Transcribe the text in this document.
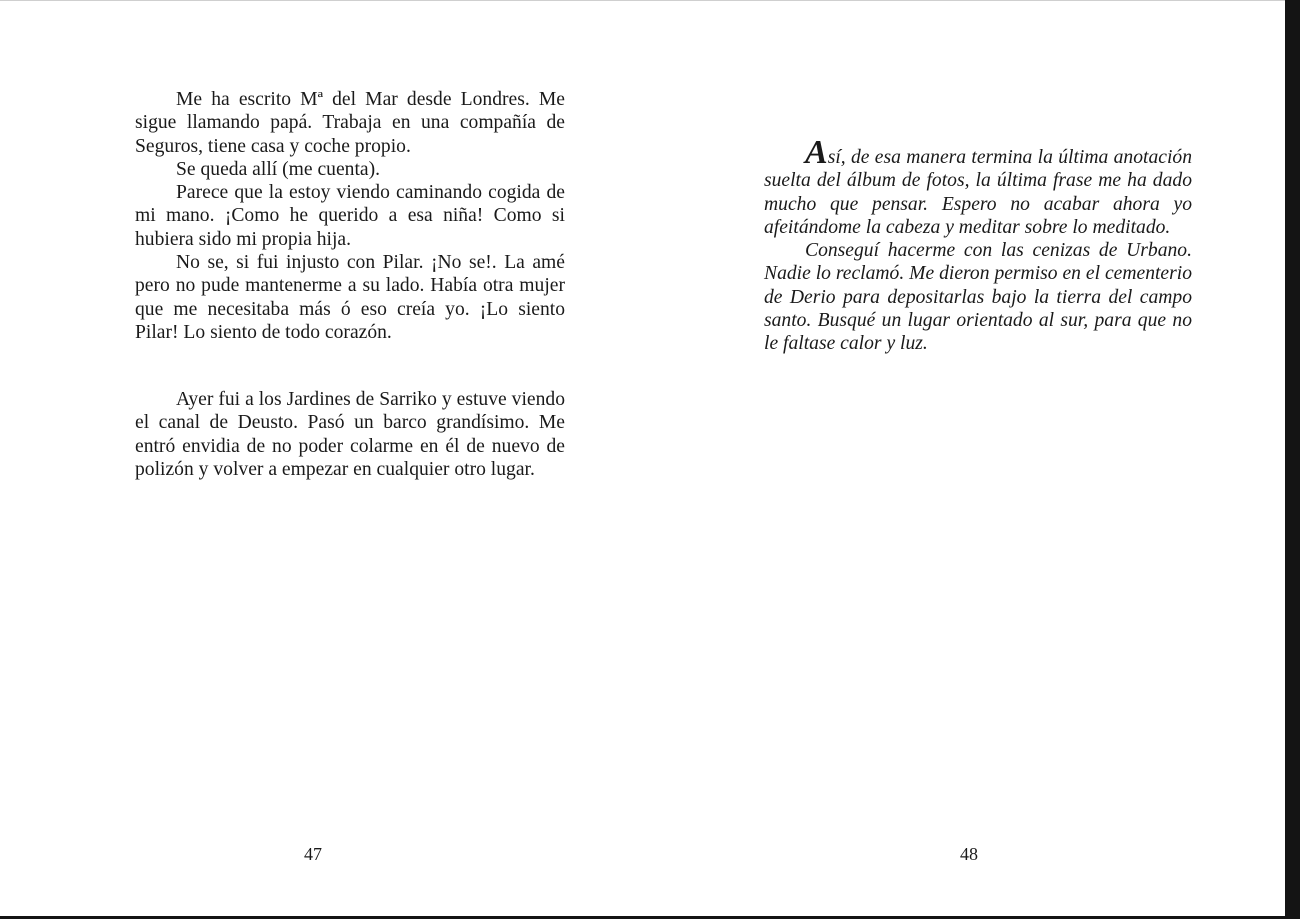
Me ha escrito Mª del Mar desde Londres. Me sigue llamando papá. Trabaja en una compañía de Seguros, tiene casa y coche propio.

Se queda allí (me cuenta).

Parece que la estoy viendo caminando cogida de mi mano. ¡Como he querido a esa niña! Como si hubiera sido mi propia hija.

No se, si fui injusto con Pilar. ¡No se!. La amé pero no pude mantenerme a su lado. Había otra mujer que me necesitaba más ó eso creía yo. ¡Lo siento Pilar! Lo siento de todo corazón.

Ayer fui a los Jardines de Sarriko y estuve viendo el canal de Deusto. Pasó un barco grandísimo. Me entró envidia de no poder colarme en él de nuevo de polizón y volver a empezar en cualquier otro lugar.

Así, de esa manera termina la última anotación suelta del álbum de fotos, la última frase me ha dado mucho que pensar. Espero no acabar ahora yo afeitándome la cabeza y meditar sobre lo meditado.

Conseguí hacerme con las cenizas de Urbano. Nadie lo reclamó. Me dieron permiso en el cementerio de Derio para depositarlas bajo la tierra del campo santo. Busqué un lugar orientado al sur, para que no le faltase calor y luz.

47	48
